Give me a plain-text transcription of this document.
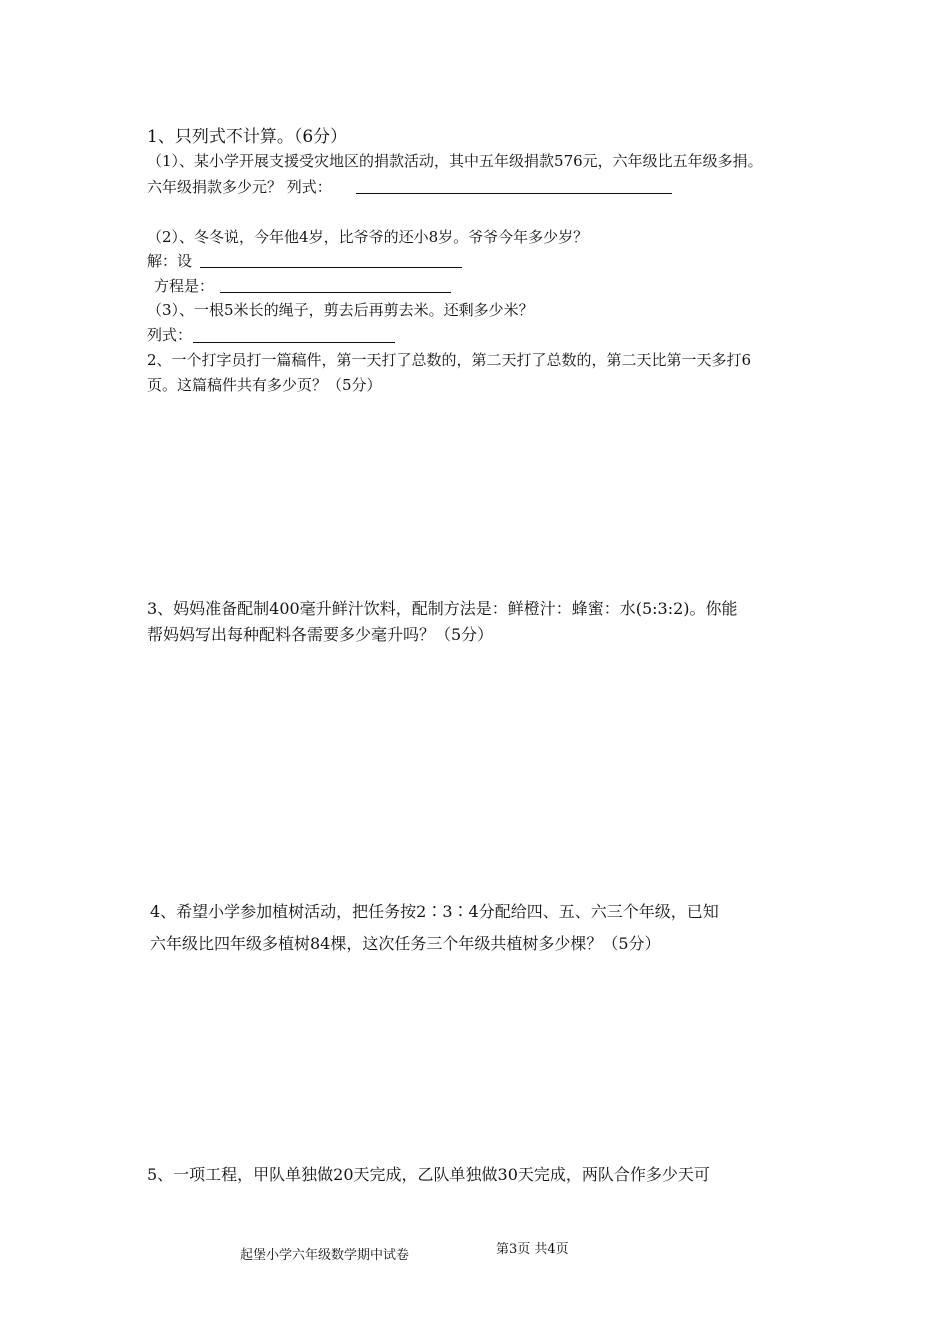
1、只列式不计算。（6分）
（1）、某小学开展支援受灾地区的捐款活动，其中五年级捐款576元，六年级比五年级多捐。
六年级捐款多少元？ 列式：
（2）、冬冬说，今年他4岁，比爷爷的还小8岁。爷爷今年多少岁？
解：设
方程是：
（3）、一根5米长的绳子，剪去后再剪去米。还剩多少米？
列式：
2、一个打字员打一篇稿件，第一天打了总数的，第二天打了总数的，第二天比第一天多打6
页。这篇稿件共有多少页？（5分）
3、妈妈准备配制400毫升鲜汁饮料，配制方法是：鲜橙汁：蜂蜜：水(5:3:2)。你能
帮妈妈写出每种配料各需要多少毫升吗？（5分）
4、希望小学参加植树活动，把任务按2∶3∶4分配给四、五、六三个年级，已知
六年级比四年级多植树84棵，这次任务三个年级共植树多少棵？（5分）
5、一项工程，甲队单独做20天完成，乙队单独做30天完成，两队合作多少天可
起堡小学六年级数学期中试卷	第3页 共4页
